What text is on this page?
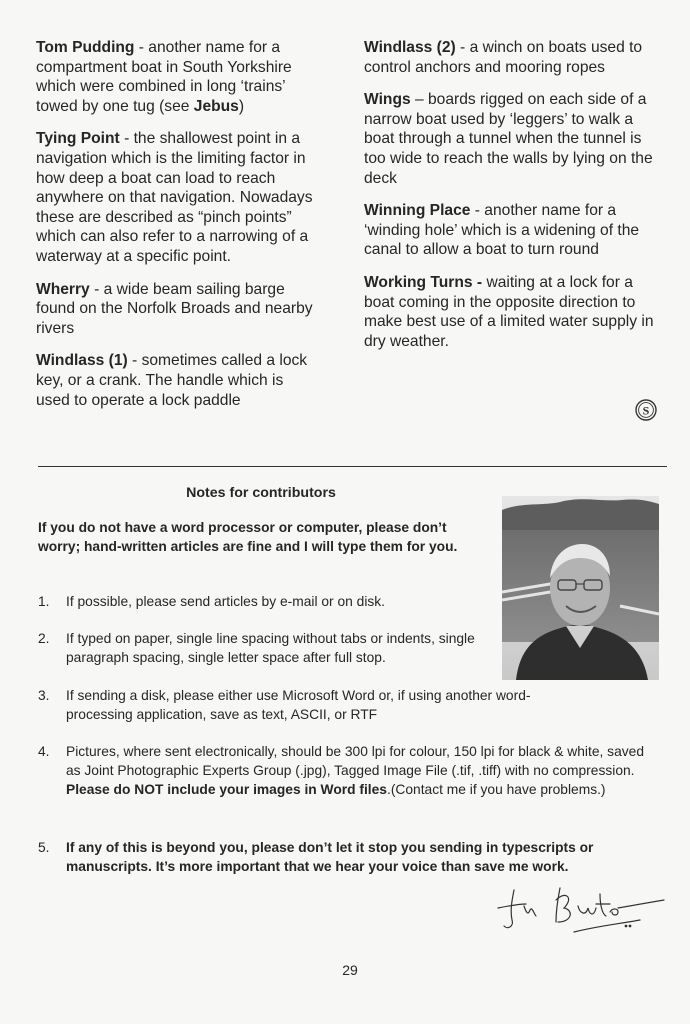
Tom Pudding - another name for a compartment boat in South Yorkshire which were combined in long ‘trains’ towed by one tug (see Jebus)

Tying Point - the shallowest point in a navigation which is the limiting factor in how deep a boat can load to reach anywhere on that navigation. Nowadays these are described as “pinch points” which can also refer to a narrowing of a waterway at a specific point.

Wherry - a wide beam sailing barge found on the Norfolk Broads and nearby rivers

Windlass (1) - sometimes called a lock key, or a crank. The handle which is used to operate a lock paddle

Windlass (2) - a winch on boats used to control anchors and mooring ropes

Wings – boards rigged on each side of a narrow boat used by ‘leggers’ to walk a boat through a tunnel when the tunnel is too wide to reach the walls by lying on the deck

Winning Place - another name for a ‘winding hole’ which is a widening of the canal to allow a boat to turn round

Working Turns - waiting at a lock for a boat coming in the opposite direction to make best use of a limited water supply in dry weather.

S
Notes for contributors
If you do not have a word processor or computer, please don’t worry; hand-written articles are fine and I will type them for you.
1.	If possible, please send articles by e-mail or on disk.
2.	If typed on paper, single line spacing without tabs or indents, single paragraph spacing, single letter space after full stop.
3.	If sending a disk, please either use Microsoft Word or, if using another word-processing application, save as text, ASCII, or RTF
4.	Pictures, where sent electronically, should be 300 lpi for colour, 150 lpi for black & white, saved as Joint Photographic Experts Group (.jpg), Tagged Image File (.tif, .tiff) with no compression. Please do NOT include your images in Word files.(Contact me if you have problems.)
5.	If any of this is beyond you, please don’t let it stop you sending in typescripts or manuscripts. It’s more important that we hear your voice than save me work.
29
